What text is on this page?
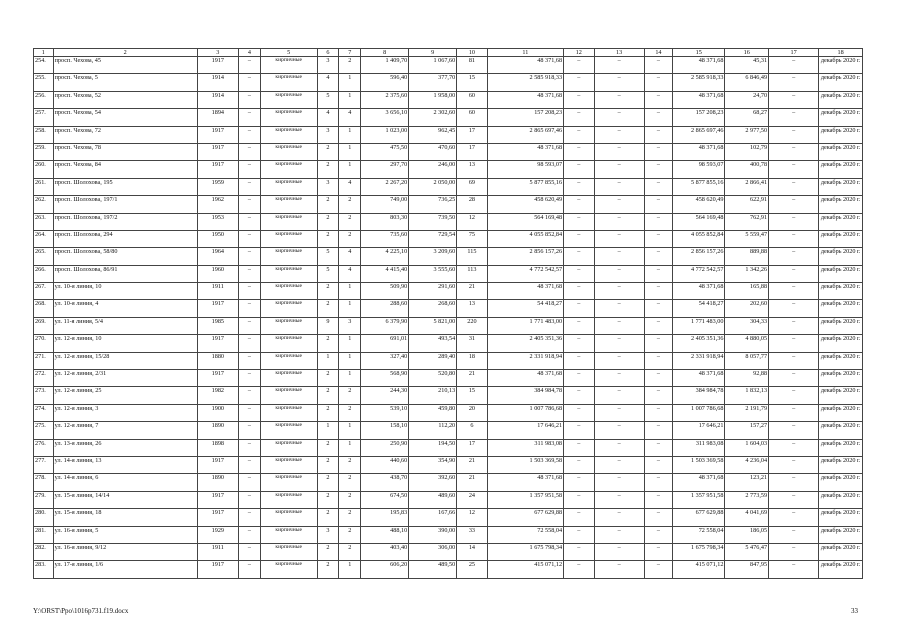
1	2	3	4	5	6	7	8	9	10	11	12	13	14	15	16	17	18
254.	просп. Чехова, 45	1917	–	кирпичные	3	2	1 409,70	1 067,60	81	48 371,68	–	–	–	48 371,68	45,31	–	декабрь 2020 г.
255.	просп. Чехова, 5	1914	–	кирпичные	4	1	596,40	377,70	15	2 585 918,33	–	–	–	2 585 918,33	6 846,49	–	декабрь 2020 г.
256.	просп. Чехова, 52	1914	–	кирпичные	5	1	2 375,60	1 958,00	60	48 371,68	–	–	–	48 371,68	24,70	–	декабрь 2020 г.
257.	просп. Чехова, 54	1894	–	кирпичные	4	4	3 656,10	2 302,60	60	157 208,23	–	–	–	157 208,23	68,27	–	декабрь 2020 г.
258.	просп. Чехова, 72	1917	–	кирпичные	3	1	1 023,00	962,45	17	2 865 697,46	–	–	–	2 865 697,46	2 977,50	–	декабрь 2020 г.
259.	просп. Чехова, 78	1917	–	кирпичные	2	1	475,50	470,60	17	48 371,68	–	–	–	48 371,68	102,79	–	декабрь 2020 г.
260.	просп. Чехова, 84	1917	–	кирпичные	2	1	297,70	246,00	13	98 593,07	–	–	–	98 593,07	400,78	–	декабрь 2020 г.
261.	просп. Шолохова, 195	1959	–	кирпичные	3	4	2 267,20	2 050,00	69	5 877 855,16	–	–	–	5 877 855,16	2 866,41	–	декабрь 2020 г.
262.	просп. Шолохова, 197/1	1962	–	кирпичные	2	2	749,00	736,25	28	458 620,49	–	–	–	458 620,49	622,91	–	декабрь 2020 г.
263.	просп. Шолохова, 197/2	1953	–	кирпичные	2	2	803,30	739,50	12	564 169,48	–	–	–	564 169,48	762,91	–	декабрь 2020 г.
264.	просп. Шолохова, 294	1950	–	кирпичные	2	2	735,60	729,54	75	4 055 852,84	–	–	–	4 055 852,84	5 559,47	–	декабрь 2020 г.
265.	просп. Шолохова, 58/80	1964	–	кирпичные	5	4	4 225,10	3 209,60	115	2 856 157,26	–	–	–	2 856 157,26	889,88	–	декабрь 2020 г.
266.	просп. Шолохова, 86/91	1960	–	кирпичные	5	4	4 415,40	3 555,60	113	4 772 542,57	–	–	–	4 772 542,57	1 342,26	–	декабрь 2020 г.
267.	ул. 10-я линия, 10	1911	–	кирпичные	2	1	509,90	291,60	21	48 371,68	–	–	–	48 371,68	165,88	–	декабрь 2020 г.
268.	ул. 10-я линия, 4	1917	–	кирпичные	2	1	288,60	268,60	13	54 418,27	–	–	–	54 418,27	202,60	–	декабрь 2020 г.
269.	ул. 11-я линия, 5/4	1985	–	кирпичные	9	3	6 379,90	5 821,00	220	1 771 483,00	–	–	–	1 771 483,00	304,33	–	декабрь 2020 г.
270.	ул. 12-я линия, 10	1917	–	кирпичные	2	1	691,01	493,54	31	2 405 351,36	–	–	–	2 405 351,36	4 880,05	–	декабрь 2020 г.
271.	ул. 12-я линия, 15/28	1880	–	кирпичные	1	1	327,40	289,40	18	2 331 918,94	–	–	–	2 331 918,94	8 057,77	–	декабрь 2020 г.
272.	ул. 12-я линия, 2/31	1917	–	кирпичные	2	1	568,90	520,80	21	48 371,68	–	–	–	48 371,68	92,88	–	декабрь 2020 г.
273.	ул. 12-я линия, 25	1982	–	кирпичные	2	2	244,30	210,13	15	384 984,78	–	–	–	384 984,78	1 832,13	–	декабрь 2020 г.
274.	ул. 12-я линия, 3	1900	–	кирпичные	2	2	539,10	459,80	20	1 007 786,68	–	–	–	1 007 786,68	2 191,79	–	декабрь 2020 г.
275.	ул. 12-я линия, 7	1890	–	кирпичные	1	1	158,10	112,20	6	17 646,21	–	–	–	17 646,21	157,27	–	декабрь 2020 г.
276.	ул. 13-я линия, 26	1898	–	кирпичные	2	1	250,90	194,50	17	311 983,08	–	–	–	311 983,08	1 604,03	–	декабрь 2020 г.
277.	ул. 14-я линия, 13	1917	–	кирпичные	2	2	440,60	354,90	21	1 503 369,58	–	–	–	1 503 369,58	4 236,04	–	декабрь 2020 г.
278.	ул. 14-я линия, 6	1890	–	кирпичные	2	2	438,70	392,60	21	48 371,68	–	–	–	48 371,68	123,21	–	декабрь 2020 г.
279.	ул. 15-я линия, 14/14	1917	–	кирпичные	2	2	674,50	489,60	24	1 357 951,58	–	–	–	1 357 951,58	2 773,59	–	декабрь 2020 г.
280.	ул. 15-я линия, 18	1917	–	кирпичные	2	2	195,83	167,66	12	677 629,88	–	–	–	677 629,88	4 041,69	–	декабрь 2020 г.
281.	ул. 16-я линия, 5	1929	–	кирпичные	3	2	488,10	390,00	33	72 558,04	–	–	–	72 558,04	186,05	–	декабрь 2020 г.
282.	ул. 16-я линия, 9/12	1911	–	кирпичные	2	2	403,40	306,00	14	1 675 798,34	–	–	–	1 675 798,34	5 476,47	–	декабрь 2020 г.
283.	ул. 17-я линия, 1/6	1917	–	кирпичные	2	1	606,20	489,50	25	415 071,12	–	–	–	415 071,12	847,95	–	декабрь 2020 г.
Y:\ORST\Ppo\1016p731.f19.docx	33
